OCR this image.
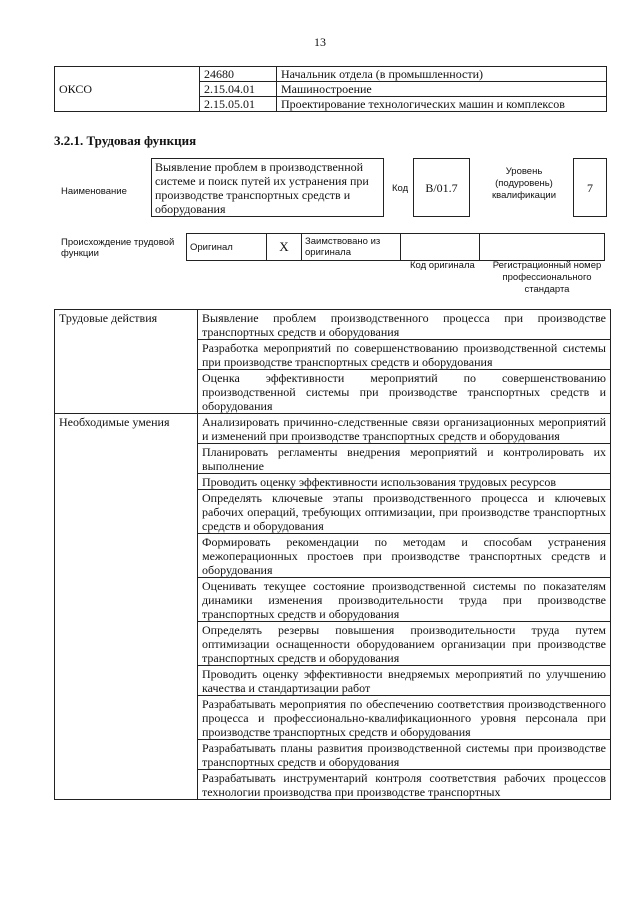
13
ОКСО	24680	Начальник отдела (в промышленности)
	2.15.04.01	Машиностроение
	2.15.05.01	Проектирование технологических машин и комплексов
3.2.1. Трудовая функция
Наименование
Выявление проблем в производственной системе и поиск путей их устранения при производстве транспортных средств и оборудования
Код	B/01.7
Уровень (подуровень) квалификации
7
Происхождение трудовой функции
Оригинал	X	Заимствовано из оригинала		
Код оригинала	Регистрационный номер профессионального стандарта
Трудовые действия	Выявление проблем производственного процесса при производстве транспортных средств и оборудования
	Разработка мероприятий по совершенствованию производственной системы при производстве транспортных средств и оборудования
	Оценка эффективности мероприятий по совершенствованию производственной системы при производстве транспортных средств и оборудования
Необходимые умения	Анализировать причинно-следственные связи организационных мероприятий и изменений при производстве транспортных средств и оборудования
	Планировать регламенты внедрения мероприятий и контролировать их выполнение
	Проводить оценку эффективности использования трудовых ресурсов
	Определять ключевые этапы производственного процесса и ключевых рабочих операций, требующих оптимизации, при производстве транспортных средств и оборудования
	Формировать рекомендации по методам и способам устранения межоперационных простоев при производстве транспортных средств и оборудования
	Оценивать текущее состояние производственной системы по показателям динамики изменения производительности труда при производстве транспортных средств и оборудования
	Определять резервы повышения производительности труда путем оптимизации оснащенности оборудованием организации при производстве транспортных средств и оборудования
	Проводить оценку эффективности внедряемых мероприятий по улучшению качества и стандартизации работ
	Разрабатывать мероприятия по обеспечению соответствия производственного процесса и профессионально-квалификационного уровня персонала при производстве транспортных средств и оборудования
	Разрабатывать планы развития производственной системы при производстве транспортных средств и оборудования
	Разрабатывать инструментарий контроля соответствия рабочих процессов технологии производства при производстве транспортных
